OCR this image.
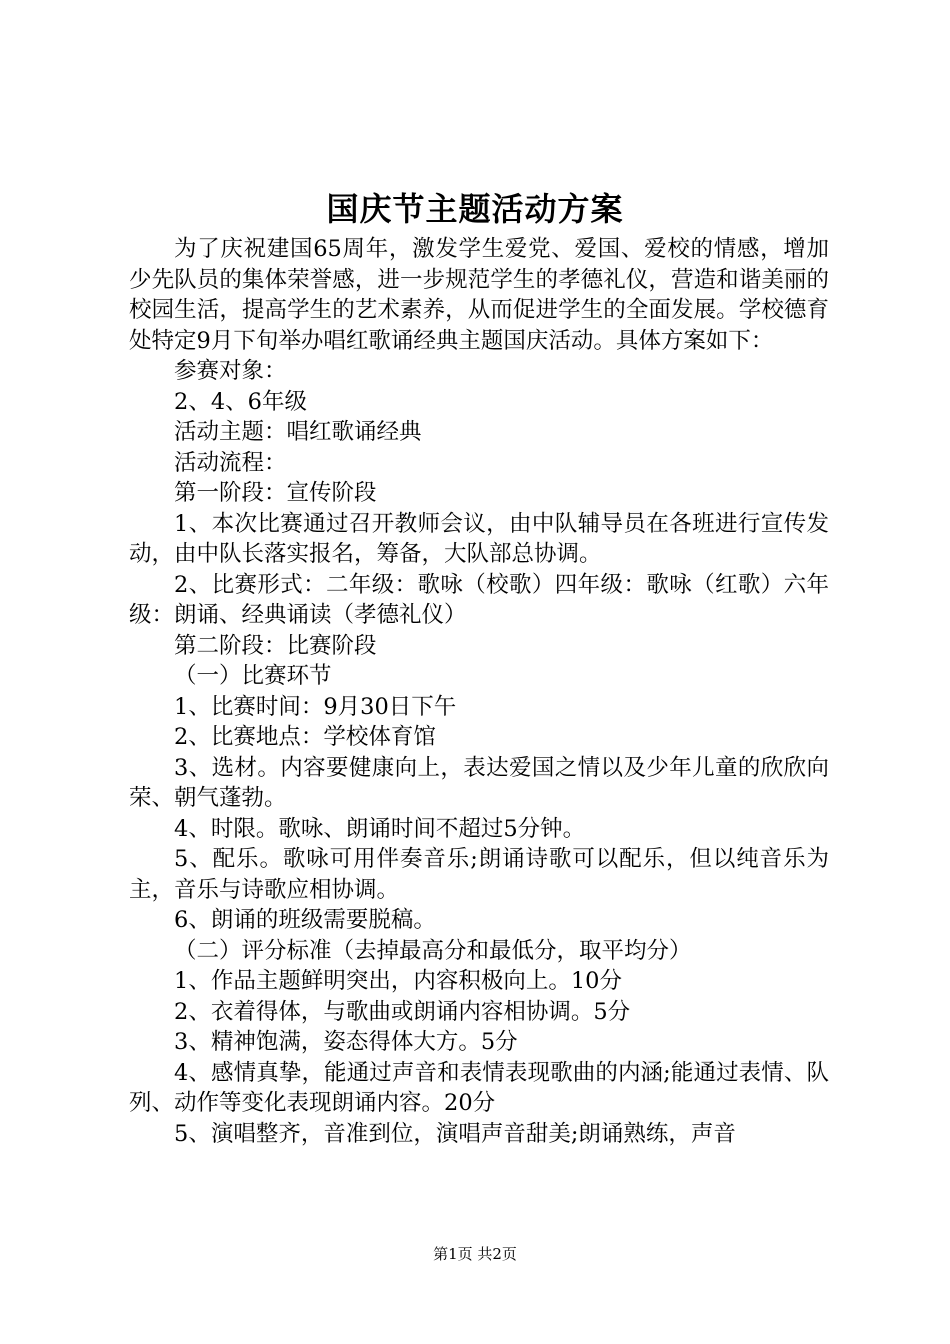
国庆节主题活动方案

为了庆祝建国65周年，激发学生爱党、爱国、爱校的情感，增加少先队员的集体荣誉感，进一步规范学生的孝德礼仪，营造和谐美丽的校园生活，提高学生的艺术素养，从而促进学生的全面发展。学校德育处特定9月下旬举办唱红歌诵经典主题国庆活动。具体方案如下：

参赛对象：

2、4、6年级

活动主题：唱红歌诵经典

活动流程：

第一阶段：宣传阶段

1、本次比赛通过召开教师会议，由中队辅导员在各班进行宣传发动，由中队长落实报名，筹备，大队部总协调。

2、比赛形式：二年级：歌咏（校歌）四年级：歌咏（红歌）六年级：朗诵、经典诵读（孝德礼仪）

第二阶段：比赛阶段

（一）比赛环节

1、比赛时间：9月30日下午

2、比赛地点：学校体育馆

3、选材。内容要健康向上，表达爱国之情以及少年儿童的欣欣向荣、朝气蓬勃。

4、时限。歌咏、朗诵时间不超过5分钟。

5、配乐。歌咏可用伴奏音乐;朗诵诗歌可以配乐，但以纯音乐为主，音乐与诗歌应相协调。

6、朗诵的班级需要脱稿。

（二）评分标准（去掉最高分和最低分，取平均分）

1、作品主题鲜明突出，内容积极向上。10分

2、衣着得体，与歌曲或朗诵内容相协调。5分

3、精神饱满，姿态得体大方。5分

4、感情真挚，能通过声音和表情表现歌曲的内涵;能通过表情、队列、动作等变化表现朗诵内容。20分

5、演唱整齐，音准到位，演唱声音甜美;朗诵熟练，声音

第1页 共2页
